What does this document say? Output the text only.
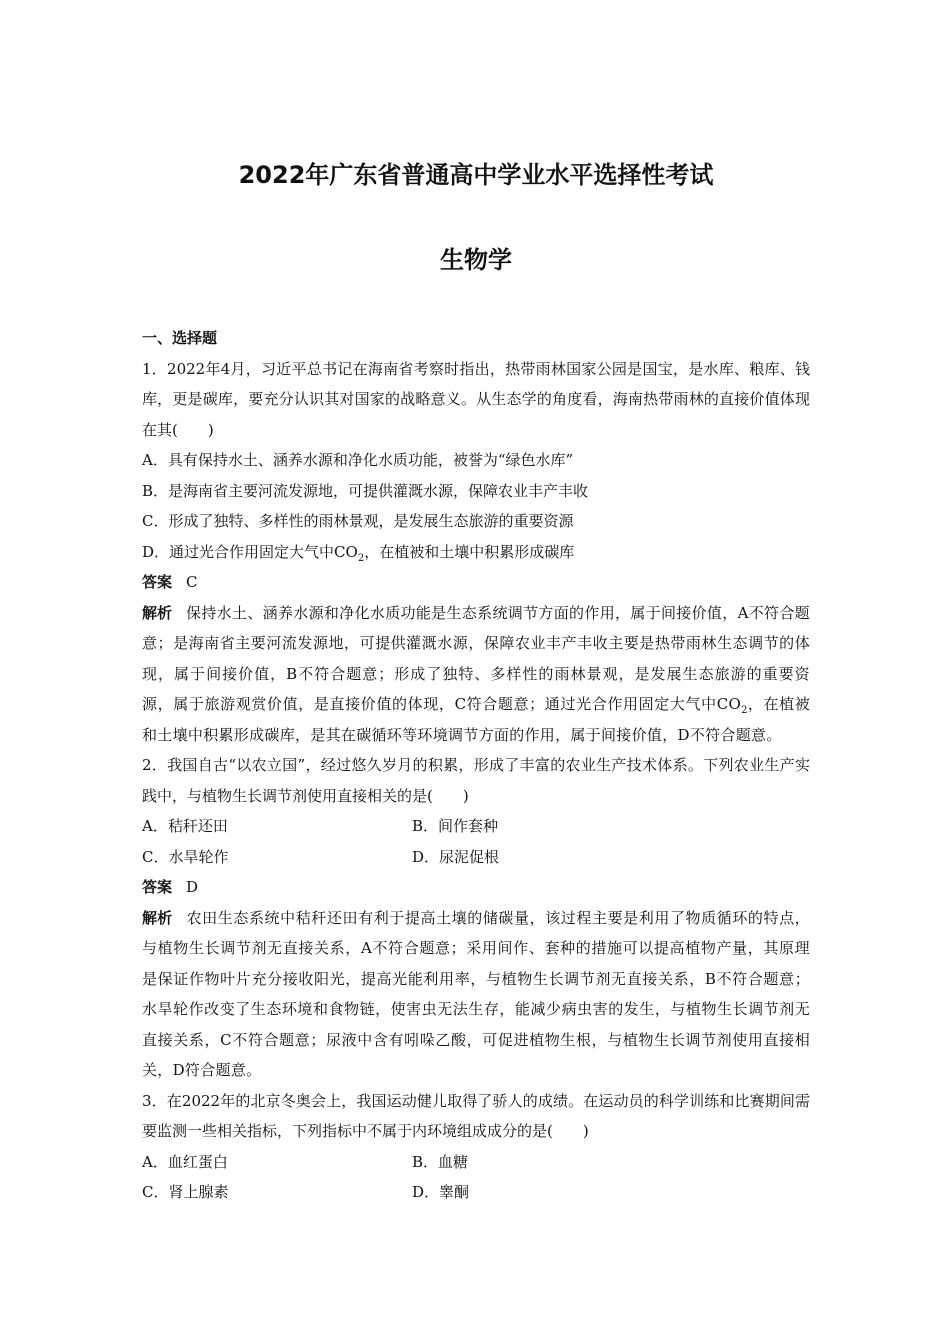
2022年广东省普通高中学业水平选择性考试
生物学
一、选择题

1．2022年4月，习近平总书记在海南省考察时指出，热带雨林国家公园是国宝，是水库、粮库、钱库，更是碳库，要充分认识其对国家的战略意义。从生态学的角度看，海南热带雨林的直接价值体现在其(　　)

A．具有保持水土、涵养水源和净化水质功能，被誉为“绿色水库”

B．是海南省主要河流发源地，可提供灌溉水源，保障农业丰产丰收

C．形成了独特、多样性的雨林景观，是发展生态旅游的重要资源

D．通过光合作用固定大气中$CO_2$，在植被和土壤中积累形成碳库

答案 C

解析 保持水土、涵养水源和净化水质功能是生态系统调节方面的作用，属于间接价值，A不符合题意；是海南省主要河流发源地，可提供灌溉水源，保障农业丰产丰收主要是热带雨林生态调节的体现，属于间接价值，B不符合题意；形成了独特、多样性的雨林景观，是发展生态旅游的重要资源，属于旅游观赏价值，是直接价值的体现，C符合题意；通过光合作用固定大气中$CO_2$，在植被和土壤中积累形成碳库，是其在碳循环等环境调节方面的作用，属于间接价值，D不符合题意。

2．我国自古“以农立国”，经过悠久岁月的积累，形成了丰富的农业生产技术体系。下列农业生产实践中，与植物生长调节剂使用直接相关的是(　　)

A．秸秆还田	B．间作套种

C．水旱轮作	D．尿泥促根

答案 D

解析 农田生态系统中秸秆还田有利于提高土壤的储碳量，该过程主要是利用了物质循环的特点，与植物生长调节剂无直接关系，A不符合题意；采用间作、套种的措施可以提高植物产量，其原理是保证作物叶片充分接收阳光，提高光能利用率，与植物生长调节剂无直接关系，B不符合题意；水旱轮作改变了生态环境和食物链，使害虫无法生存，能减少病虫害的发生，与植物生长调节剂无直接关系，C不符合题意；尿液中含有吲哚乙酸，可促进植物生根，与植物生长调节剂使用直接相关，D符合题意。

3．在2022年的北京冬奥会上，我国运动健儿取得了骄人的成绩。在运动员的科学训练和比赛期间需要监测一些相关指标，下列指标中不属于内环境组成成分的是(　　)

A．血红蛋白	B．血糖

C．肾上腺素	D．睾酮
